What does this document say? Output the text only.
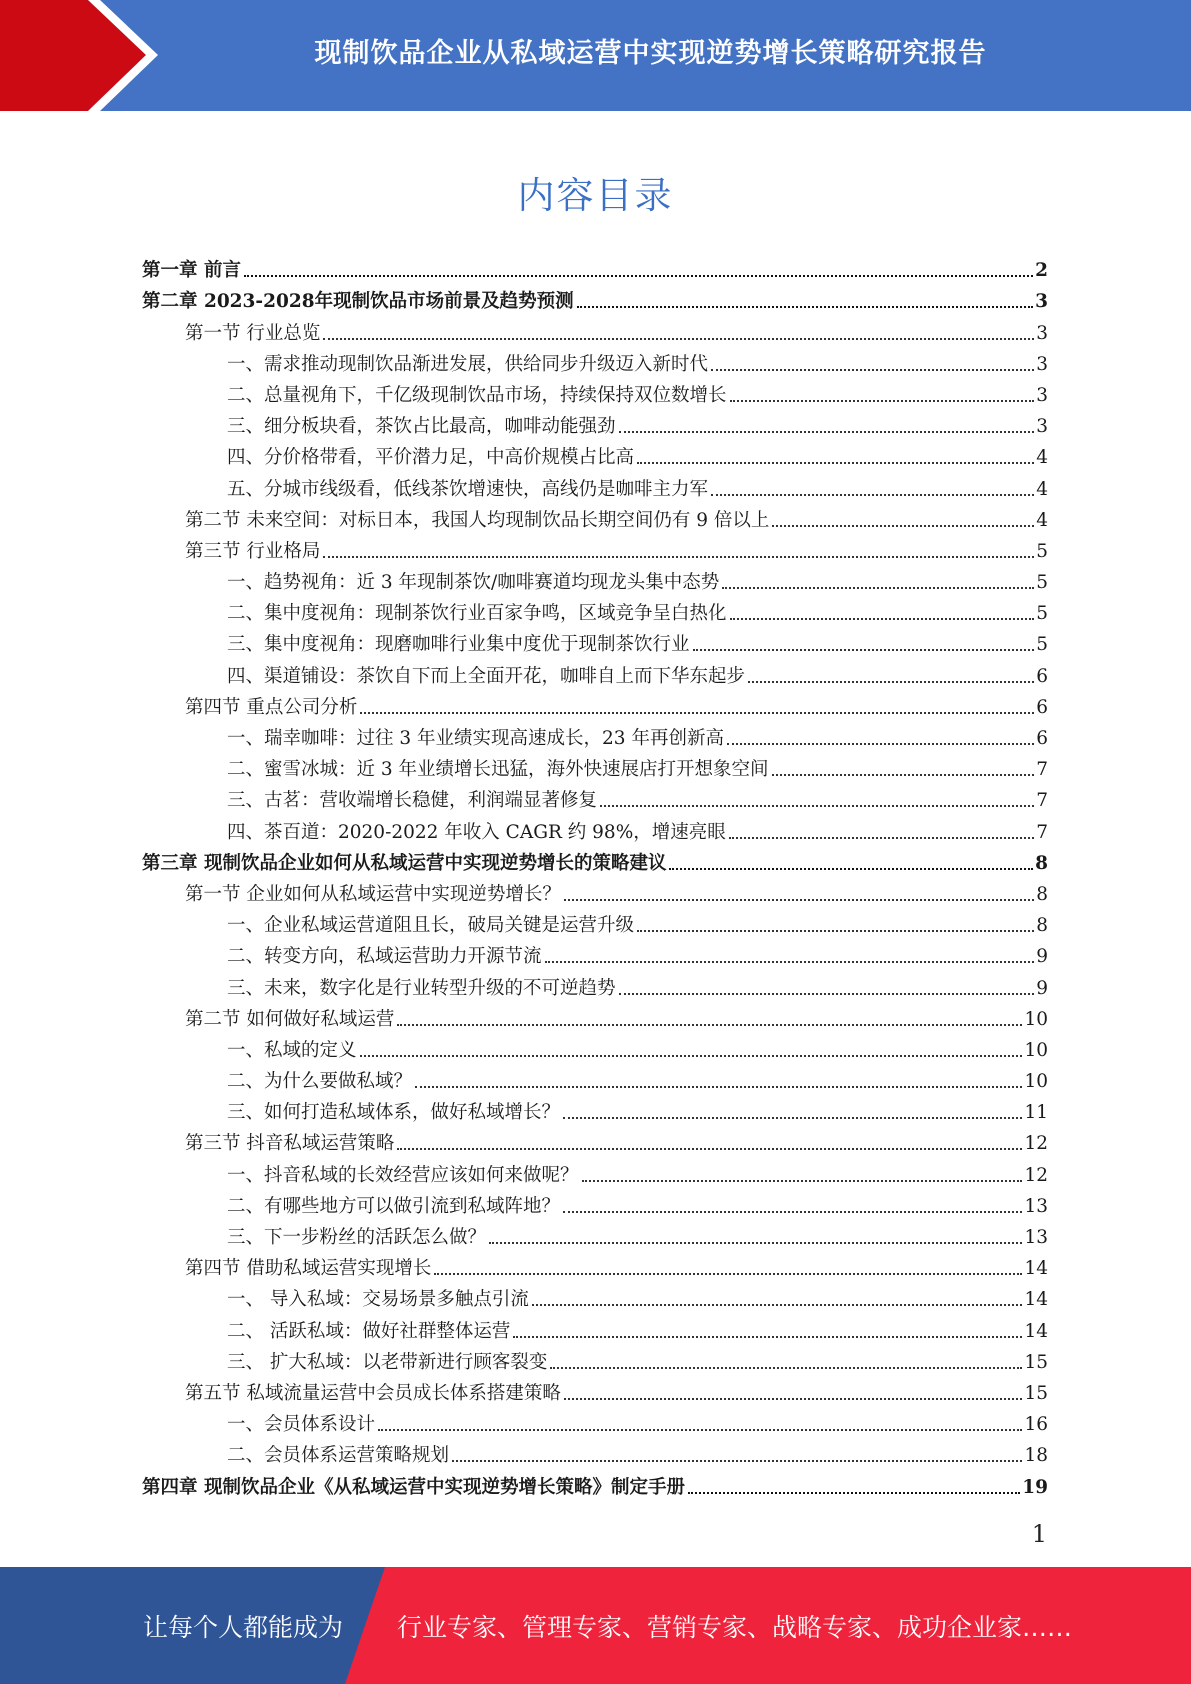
现制饮品企业从私域运营中实现逆势增长策略研究报告
内容目录
第一章 前言	2
第二章 2023-2028年现制饮品市场前景及趋势预测	3
第一节 行业总览	3
一、需求推动现制饮品渐进发展，供给同步升级迈入新时代	3
二、总量视角下，千亿级现制饮品市场，持续保持双位数增长	3
三、细分板块看，茶饮占比最高，咖啡动能强劲	3
四、分价格带看，平价潜力足，中高价规模占比高	4
五、分城市线级看，低线茶饮增速快，高线仍是咖啡主力军	4
第二节 未来空间：对标日本，我国人均现制饮品长期空间仍有 9 倍以上	4
第三节 行业格局	5
一、趋势视角：近 3 年现制茶饮/咖啡赛道均现龙头集中态势	5
二、集中度视角：现制茶饮行业百家争鸣，区域竞争呈白热化	5
三、集中度视角：现磨咖啡行业集中度优于现制茶饮行业	5
四、渠道铺设：茶饮自下而上全面开花，咖啡自上而下华东起步	6
第四节 重点公司分析	6
一、瑞幸咖啡：过往 3 年业绩实现高速成长，23 年再创新高	6
二、蜜雪冰城：近 3 年业绩增长迅猛，海外快速展店打开想象空间	7
三、古茗：营收端增长稳健，利润端显著修复	7
四、茶百道：2020-2022 年收入 CAGR 约 98%，增速亮眼	7
第三章 现制饮品企业如何从私域运营中实现逆势增长的策略建议	8
第一节 企业如何从私域运营中实现逆势增长？	8
一、企业私域运营道阻且长，破局关键是运营升级	8
二、转变方向，私域运营助力开源节流	9
三、未来，数字化是行业转型升级的不可逆趋势	9
第二节 如何做好私域运营	10
一、私域的定义	10
二、为什么要做私域？	10
三、如何打造私域体系，做好私域增长？	11
第三节 抖音私域运营策略	12
一、抖音私域的长效经营应该如何来做呢？	12
二、有哪些地方可以做引流到私域阵地？	13
三、下一步粉丝的活跃怎么做？	13
第四节 借助私域运营实现增长	14
一、 导入私域：交易场景多触点引流	14
二、 活跃私域：做好社群整体运营	14
三、 扩大私域：以老带新进行顾客裂变	15
第五节 私域流量运营中会员成长体系搭建策略	15
一、会员体系设计	16
二、会员体系运营策略规划	18
第四章 现制饮品企业《从私域运营中实现逆势增长策略》制定手册	19
1
让每个人都能成为 行业专家、管理专家、营销专家、战略专家、成功企业家……
